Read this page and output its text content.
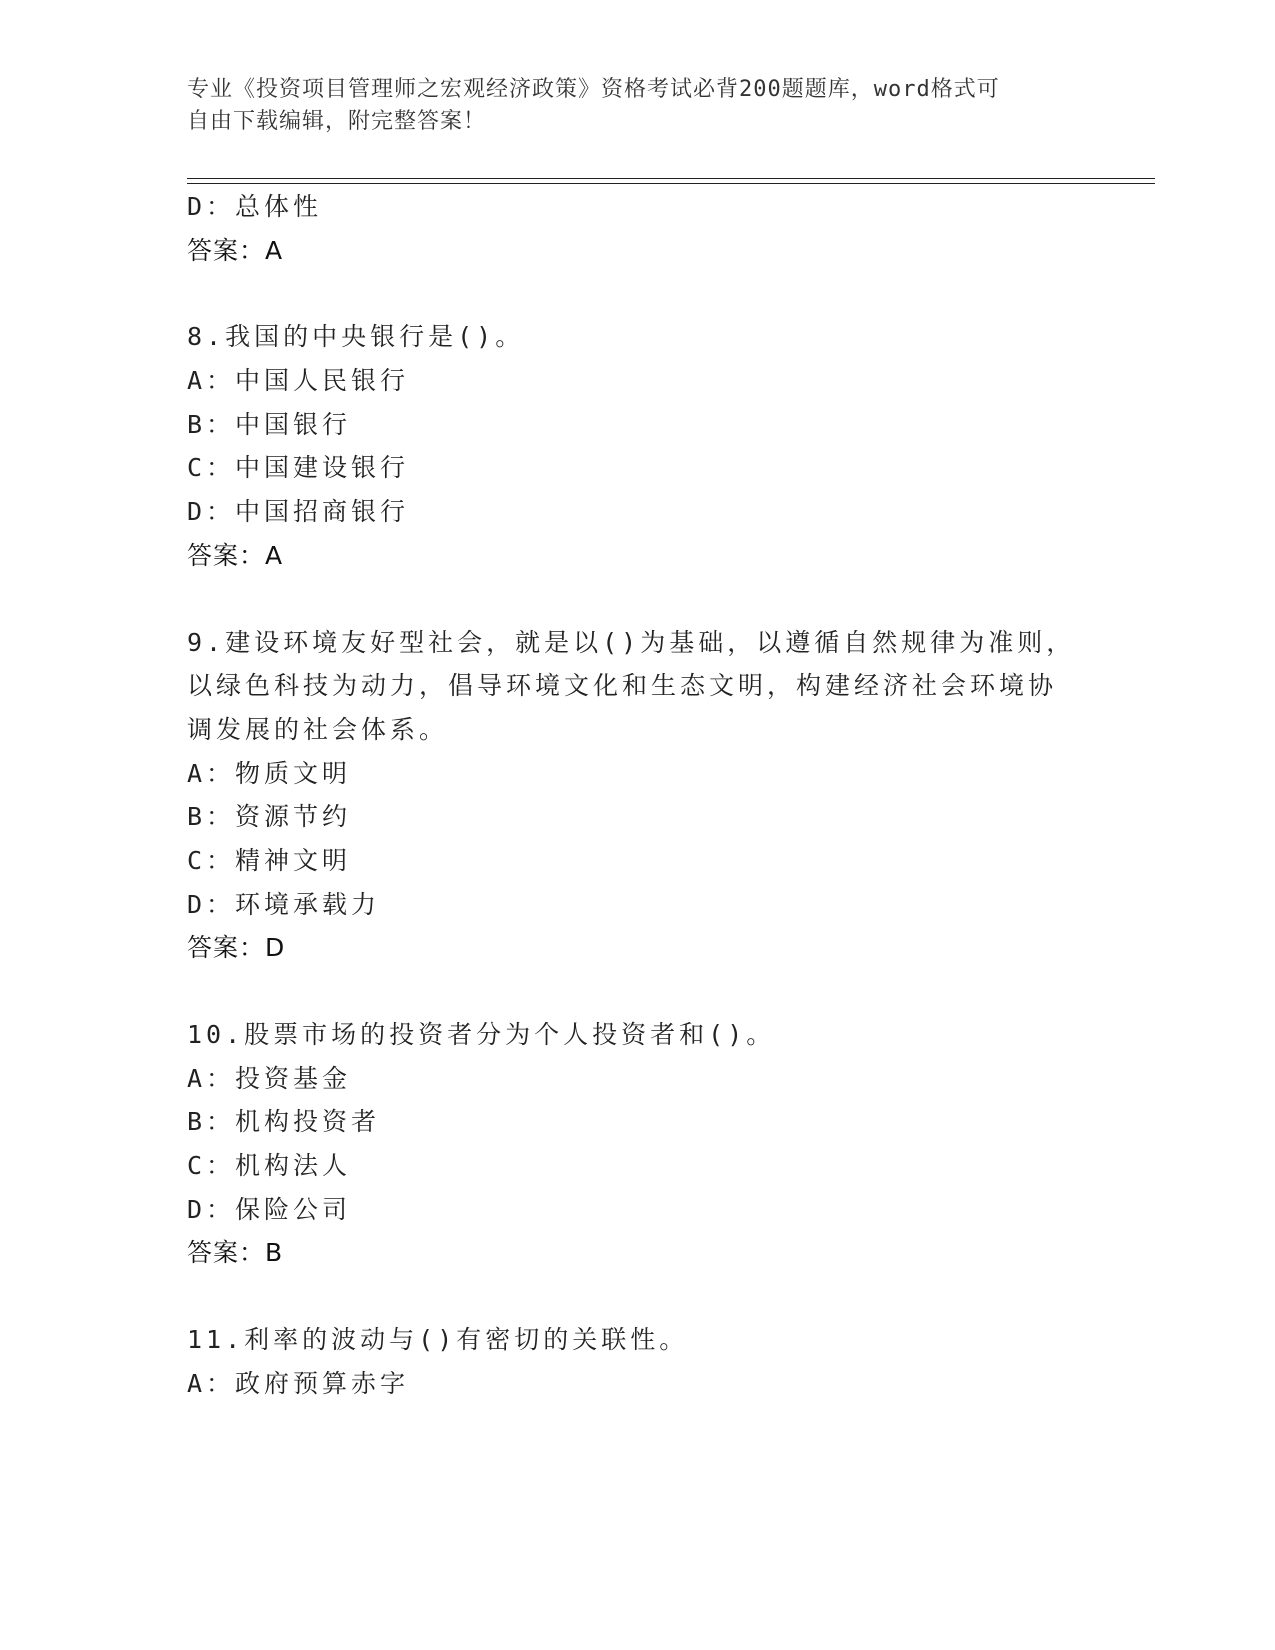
专业《投资项目管理师之宏观经济政策》资格考试必背200题题库，word格式可
自由下载编辑，附完整答案！
D：总体性
答案：A
8.我国的中央银行是()。
A：中国人民银行
B：中国银行
C：中国建设银行
D：中国招商银行
答案：A
9.建设环境友好型社会，就是以()为基础，以遵循自然规律为准则，
以绿色科技为动力，倡导环境文化和生态文明，构建经济社会环境协
调发展的社会体系。
A：物质文明
B：资源节约
C：精神文明
D：环境承载力
答案：D
10.股票市场的投资者分为个人投资者和()。
A：投资基金
B：机构投资者
C：机构法人
D：保险公司
答案：B
11.利率的波动与()有密切的关联性。
A：政府预算赤字
